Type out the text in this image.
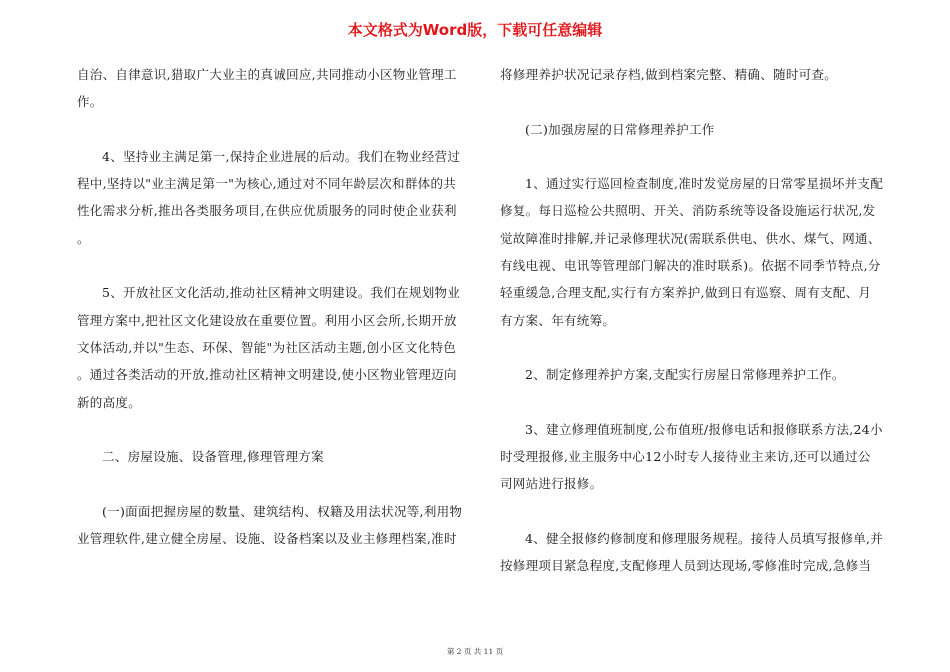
本文格式为Word版，下载可任意编辑
自治、自律意识,猎取广大业主的真诚回应,共同推动小区物业管理工
作。

4、坚持业主满足第一,保持企业进展的后动。我们在物业经营过
程中,坚持以"业主满足第一"为核心,通过对不同年龄层次和群体的共
性化需求分析,推出各类服务项目,在供应优质服务的同时使企业获利
。

5、开放社区文化活动,推动社区精神文明建设。我们在规划物业
管理方案中,把社区文化建设放在重要位置。利用小区会所,长期开放
文体活动,并以"生态、环保、智能"为社区活动主题,创小区文化特色
。通过各类活动的开放,推动社区精神文明建设,使小区物业管理迈向
新的高度。

二、房屋设施、设备管理,修理管理方案

(一)面面把握房屋的数量、建筑结构、权籍及用法状况等,利用物
业管理软件,建立健全房屋、设施、设备档案以及业主修理档案,准时
将修理养护状况记录存档,做到档案完整、精确、随时可查。

(二)加强房屋的日常修理养护工作

1、通过实行巡回检查制度,准时发觉房屋的日常零星损坏并支配
修复。每日巡检公共照明、开关、消防系统等设备设施运行状况,发
觉故障准时排解,并记录修理状况(需联系供电、供水、煤气、网通、
有线电视、电讯等管理部门解决的准时联系)。依据不同季节特点,分
轻重缓急,合理支配,实行有方案养护,做到日有巡察、周有支配、月
有方案、年有统筹。

2、制定修理养护方案,支配实行房屋日常修理养护工作。

3、建立修理值班制度,公布值班/报修电话和报修联系方法,24小
时受理报修,业主服务中心12小时专人接待业主来访,还可以通过公
司网站进行报修。

4、健全报修约修制度和修理服务规程。接待人员填写报修单,并
按修理项目紧急程度,支配修理人员到达现场,零修准时完成,急修当
第 2 页 共 11 页
